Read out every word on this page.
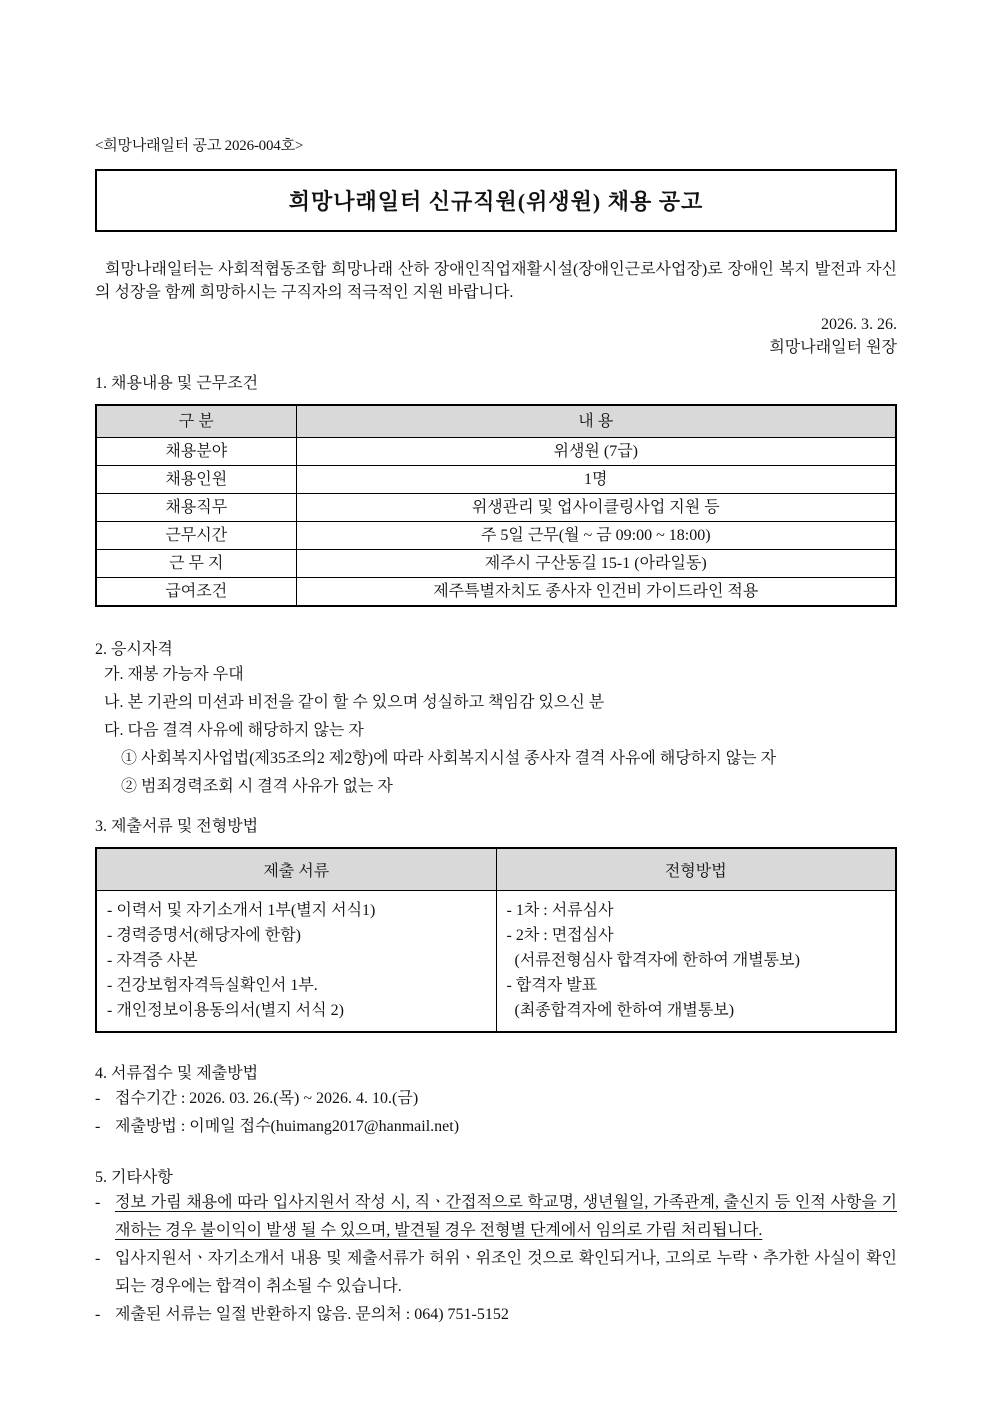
<희망나래일터 공고 2026-004호>
희망나래일터 신규직원(위생원) 채용 공고

희망나래일터는 사회적협동조합 희망나래 산하 장애인직업재활시설(장애인근로사업장)로 장애인 복지 발전과 자신의 성장을 함께 희망하시는 구직자의 적극적인 지원 바랍니다.

2026. 3. 26.
희망나래일터 원장
1. 채용내용 및 근무조건
구 분	내 용
채용분야	위생원 (7급)
채용인원	1명
채용직무	위생관리 및 업사이클링사업 지원 등
근무시간	주 5일 근무(월 ~ 금 09:00 ~ 18:00)
근 무 지	제주시 구산동길 15-1 (아라일동)
급여조건	제주특별자치도 종사자 인건비 가이드라인 적용
2. 응시자격
가. 재봉 가능자 우대
나. 본 기관의 미션과 비전을 같이 할 수 있으며 성실하고 책임감 있으신 분
다. 다음 결격 사유에 해당하지 않는 자
① 사회복지사업법(제35조의2 제2항)에 따라 사회복지시설 종사자 결격 사유에 해당하지 않는 자
② 범죄경력조회 시 결격 사유가 없는 자
3. 제출서류 및 전형방법
제출 서류	전형방법

- 이력서 및 자기소개서 1부(별지 서식1)
- 경력증명서(해당자에 한함)
- 자격증 사본
- 건강보험자격득실확인서 1부.
- 개인정보이용동의서(별지 서식 2)

- 1차 : 서류심사
- 2차 : 면접심사
(서류전형심사 합격자에 한하여 개별통보)
- 합격자 발표
(최종합격자에 한하여 개별통보)
4. 서류접수 및 제출방법
- 접수기간 : 2026. 03. 26.(목) ~ 2026. 4. 10.(금)
- 제출방법 : 이메일 접수(huimang2017@hanmail.net)
5. 기타사항
- 정보 가림 채용에 따라 입사지원서 작성 시, 직ㆍ간접적으로 학교명, 생년월일, 가족관계, 출신지 등 인적 사항을 기재하는 경우 불이익이 발생 될 수 있으며, 발견될 경우 전형별 단계에서 임의로 가림 처리됩니다.
- 입사지원서ㆍ자기소개서 내용 및 제출서류가 허위ㆍ위조인 것으로 확인되거나, 고의로 누락ㆍ추가한 사실이 확인되는 경우에는 합격이 취소될 수 있습니다.
- 제출된 서류는 일절 반환하지 않음. 문의처 : 064) 751-5152
